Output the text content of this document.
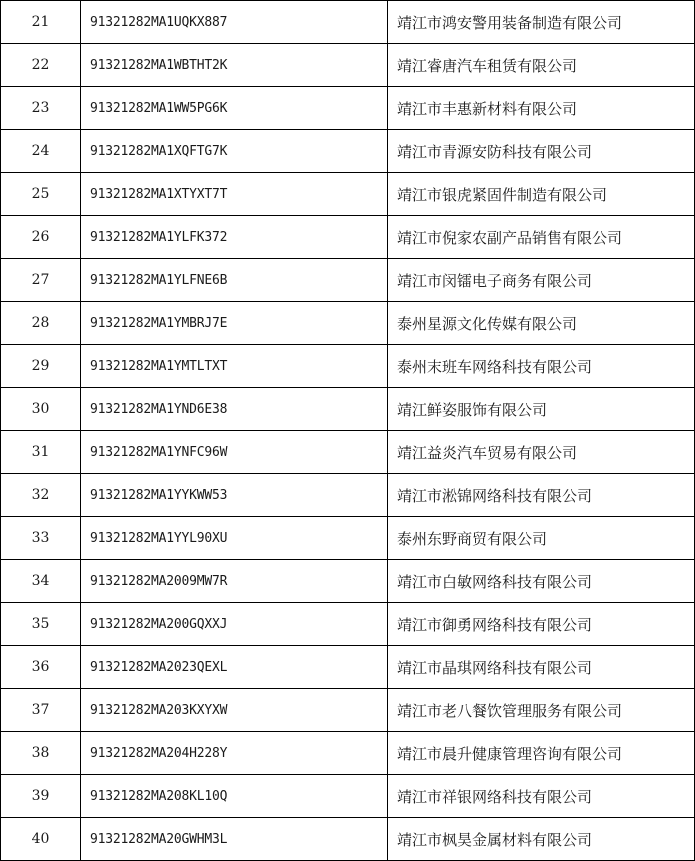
21	91321282MA1UQKX887	靖江市鸿安警用装备制造有限公司
22	91321282MA1WBTHT2K	靖江睿唐汽车租赁有限公司
23	91321282MA1WW5PG6K	靖江市丰惠新材料有限公司
24	91321282MA1XQFTG7K	靖江市青源安防科技有限公司
25	91321282MA1XTYXT7T	靖江市银虎紧固件制造有限公司
26	91321282MA1YLFK372	靖江市倪家农副产品销售有限公司
27	91321282MA1YLFNE6B	靖江市闵镭电子商务有限公司
28	91321282MA1YMBRJ7E	泰州星源文化传媒有限公司
29	91321282MA1YMTLTXT	泰州末班车网络科技有限公司
30	91321282MA1YND6E38	靖江鲜姿服饰有限公司
31	91321282MA1YNFC96W	靖江益炎汽车贸易有限公司
32	91321282MA1YYKWW53	靖江市淞锦网络科技有限公司
33	91321282MA1YYL90XU	泰州东野商贸有限公司
34	91321282MA2009MW7R	靖江市白敏网络科技有限公司
35	91321282MA200GQXXJ	靖江市御勇网络科技有限公司
36	91321282MA2023QEXL	靖江市晶琪网络科技有限公司
37	91321282MA203KXYXW	靖江市老八餐饮管理服务有限公司
38	91321282MA204H228Y	靖江市晨升健康管理咨询有限公司
39	91321282MA208KL10Q	靖江市祥银网络科技有限公司
40	91321282MA20GWHM3L	靖江市枫昊金属材料有限公司
